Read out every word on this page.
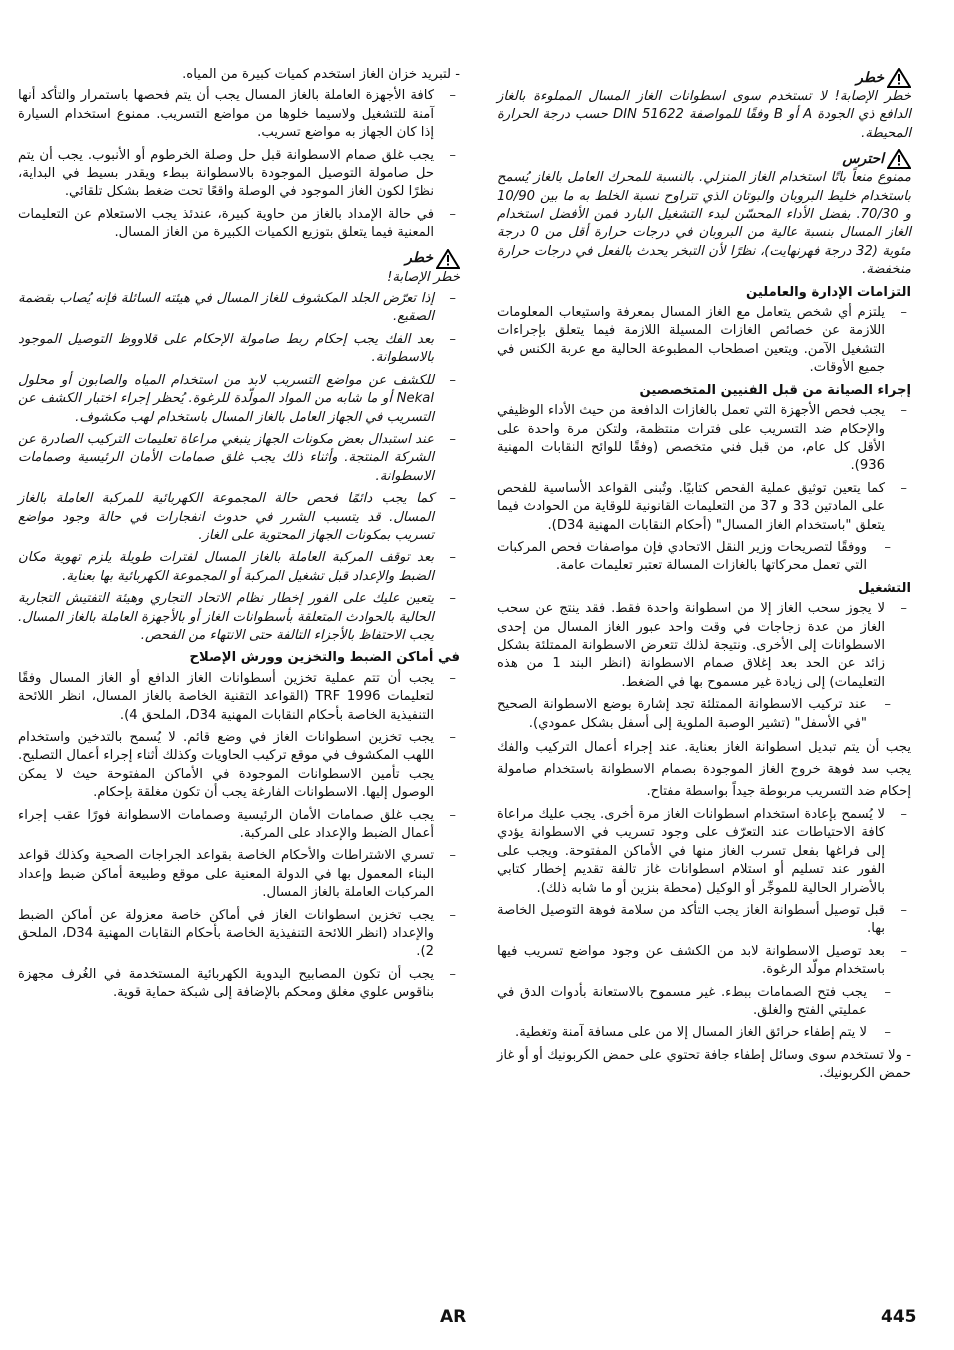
خطر

خطر الإصابة! لا تستخدم سوى اسطوانات الغاز المسال المملوءة بالغاز الدافع ذي الجودة A أو B وفقًا للمواصفة DIN 51622 حسب درجة الحرارة المحيطة.

احترس

ممنوع منعاً باتًا استخدام الغاز المنزلي. بالنسبة للمحرك العامل بالغاز يُسمح باستخدام خليط البروبان والبوتان الذي تتراوح نسبة الخلط به ما بين 10/90 و 70/30. بفضل الأداء المحسّن لبدء التشغيل البارد فمن الأفضل استخدام الغاز المسال بنسبة عالية من البروبان في درجات حرارة أقل من 0 درجة مئوية (32 درجة فهرنهايت)، نظرًا لأن التبخر يحدث بالفعل في درجات حرارة منخفضة.

التزامات الإدارة والعاملين
– يلتزم أي شخص يتعامل مع الغاز المسال بمعرفة واستيعاب المعلومات اللازمة عن خصائص الغازات المسيلة اللازمة فيما يتعلق بإجراءات التشغيل الآمن. ويتعين اصطحاب المطبوعة الحالية مع عربة الكنس في جميع الأوقات.
إجراء الصيانة من قبل الفنيين المتخصصين
– يجب فحص الأجهزة التي تعمل بالغازات الدافعة من حيث الأداء الوظيفي والإحكام ضد التسريب على فترات منتظمة، ولتكن مرة واحدة على الأقل كل عام، من قبل فني متخصص (وفقًا للوائح النقابات المهنية 936).
– كما يتعين توثيق عملية الفحص كتابيًا. وتُبنى القواعد الأساسية للفحص على المادتين 33 و 37 من التعليمات القانونية للوقاية من الحوادث فيما يتعلق "باستخدام الغاز المسال" (أحكام النقابات المهنية D34).
– ووفقًا لتصريحات وزير النقل الاتحادي فإن مواصفات فحص المركبات التي تعمل محركاتها بالغازات المسالة تعتبر تعليمات عامة.
التشغيل
– لا يجوز سحب الغاز إلا من اسطوانة واحدة فقط. فقد ينتج عن سحب الغاز من عدة زجاجات في وقت واحد عبور الغاز المسال من إحدى الاسطوانات إلى الأخرى. ونتيجة لذلك تتعرض الاسطوانة الممتلئة بشكل زائد عن الحد بعد إغلاق صمام الاسطوانة (انظر البند 1 من هذه التعليمات) إلى زيادة غير مسموح بها في الضغط.
– عند تركيب الاسطوانة الممتلئة تجد إشارة بوضع الاسطوانة الصحيح "في الأسفل" (تشير الوصبة الملوية إلى أسفل بشكل عمودي).

يجب أن يتم تبديل اسطوانة الغاز بعناية. عند إجراء أعمال التركيب والفك يجب سد فوهة خروج الغاز الموجودة بصمام الاسطوانة باستخدام صامولة إحكام ضد التسريب مربوطة جيداً بواسطة مفتاح.

– لا يُسمح بإعادة استخدام اسطوانات الغاز مرة أخرى. يجب عليك مراعاة كافة الاحتياطات عند التعرّف على وجود تسريب في الاسطوانة يؤدي إلى فراغها بفعل تسرب الغاز منها في الأماكن المفتوحة. ويجب على الفور عند تسليم أو استلام اسطوانات غاز تالفة تقديم إخطار كتابي بالأضرار الحالية للموجِّر أو الوكيل (محطة بنزين أو ما شابه ذلك).
– قبل توصيل أسطوانة الغاز يجب التأكد من سلامة فوهة التوصيل الخاصة بها.
– بعد توصيل الاسطوانة لابد من الكشف عن وجود مواضع تسريب فيها باستخدام مولّد الرغوة.
– يجب فتح الصمامات ببطء. غير مسموح بالاستعانة بأدوات الدق في عمليتي الفتح والغلق.
– لا يتم إطفاء حرائق الغاز المسال إلا من على مسافة آمنة وتغطية.

- ولا تستخدم سوى وسائل إطفاء جافة تحتوي على حمض الكربونيك أو أو غاز حمض الكربونيك.

- لتبريد خزان الغاز استخدم كميات كبيرة من المياه.

– كافة الأجهزة العاملة بالغاز المسال يجب أن يتم فحصها باستمرار والتأكد أنها آمنة للتشغيل ولاسيما خلوها من مواضع التسريب. ممنوع استخدام السيارة إذا كان الجهاز به مواضع تسريب.
– يجب غلق صمام الاسطوانة قبل حل وصلة الخرطوم أو الأنبوب. يجب أن يتم حل صامولة التوصيل الموجودة بالاسطوانة ببطء ويقدر بسيط في البداية، نظرًا لكون الغاز الموجود في الوصلة واقعًا تحت ضغط بشكل تلقائي.
– في حالة الإمداد بالغاز من حاوية كبيرة، عندئذ يجب الاستعلام عن التعليمات المعنية فيما يتعلق بتوزيع الكميات الكبيرة من الغاز المسال.
خطر

خطر الإصابة!

– إذا تعرّض الجلد المكشوف للغاز المسال في هيئته السائلة فإنه يُصاب بقضمة الصقيع.
– بعد الفك يجب إحكام ربط صامولة الإحكام على قلاووظ التوصيل الموجود بالاسطوانة.
– للكشف عن مواضع التسريب لابد من استخدام المياه والصابون أو محلول Nekal أو ما شابه من المواد المولّدة للرغوة. يُحظر إجراء اختبار الكشف عن التسريب في الجهاز العامل بالغاز المسال باستخدام لهب مكشوف.
– عند استبدال بعض مكونات الجهاز ينبغي مراعاة تعليمات التركيب الصادرة عن الشركة المنتجة. وأثناء ذلك يجب غلق صمامات الأمان الرئيسية وصمامات الاسطوانة.
– كما يجب دائمًا فحص حالة المجموعة الكهربائية للمركبة العاملة بالغاز المسال. قد يتسبب الشرر في حدوث انفجارات في حالة وجود مواضع تسريب بمكونات الجهاز المحتوية على الغاز.
– بعد توقف المركبة العاملة بالغاز المسال لفترات طويلة يلزم تهوية مكان الضبط والإعداد قبل تشغيل المركبة أو المجموعة الكهربائية بها بعناية.
– يتعين عليك على الفور إخطار نظام الاتحاد التجاري وهيئة التفتيش التجارية الحالية بالحوادث المتعلقة بأسطوانات الغاز أو بالأجهزة العاملة بالغاز المسال. يجب الاحتفاظ بالأجزاء التالفة حتى الانتهاء من الفحص.
في أماكن الضبط والتخزين وورش الإصلاح
– يجب أن تتم عملية تخزين أسطوانات الغاز الدافع أو الغاز المسال وفقًا لتعليمات TRF 1996 (القواعد التقنية الخاصة بالغاز المسال، انظر اللائحة التنفيذية الخاصة بأحكام النقابات المهنية D34، الملحق 4).
– يجب تخزين اسطوانات الغاز في وضع قائم. لا يُسمح بالتدخين واستخدام اللهب المكشوف في موقع تركيب الحاويات وكذلك أثناء إجراء أعمال التصليح. يجب تأمين الاسطوانات الموجودة في الأماكن المفتوحة حيث لا يمكن الوصول إليها. الاسطوانات الفارغة يجب أن تكون مغلقة بإحكام.
– يجب غلق صمامات الأمان الرئيسية وصمامات الاسطوانة فورًا عقب إجراء أعمال الضبط والإعداد على المركبة.
– تسري الاشتراطات والأحكام الخاصة بقواعد الجراجات الصحية وكذلك قواعد البناء المعمول بها في الدولة المعنية على موقع وطبيعة أماكن ضبط وإعداد المركبات العاملة بالغاز المسال.
– يجب تخزين اسطوانات الغاز في أماكن خاصة معزولة عن أماكن الضبط والإعداد (انظر اللائحة التنفيذية الخاصة بأحكام النقابات المهنية D34، الملحق 2).
– يجب أن تكون المصابيح اليدوية الكهربائية المستخدمة في الغُرف مجهزة بناقوس علوي مغلق ومحكم بالإضافة إلى شبكة حماية قوية.
AR	445
